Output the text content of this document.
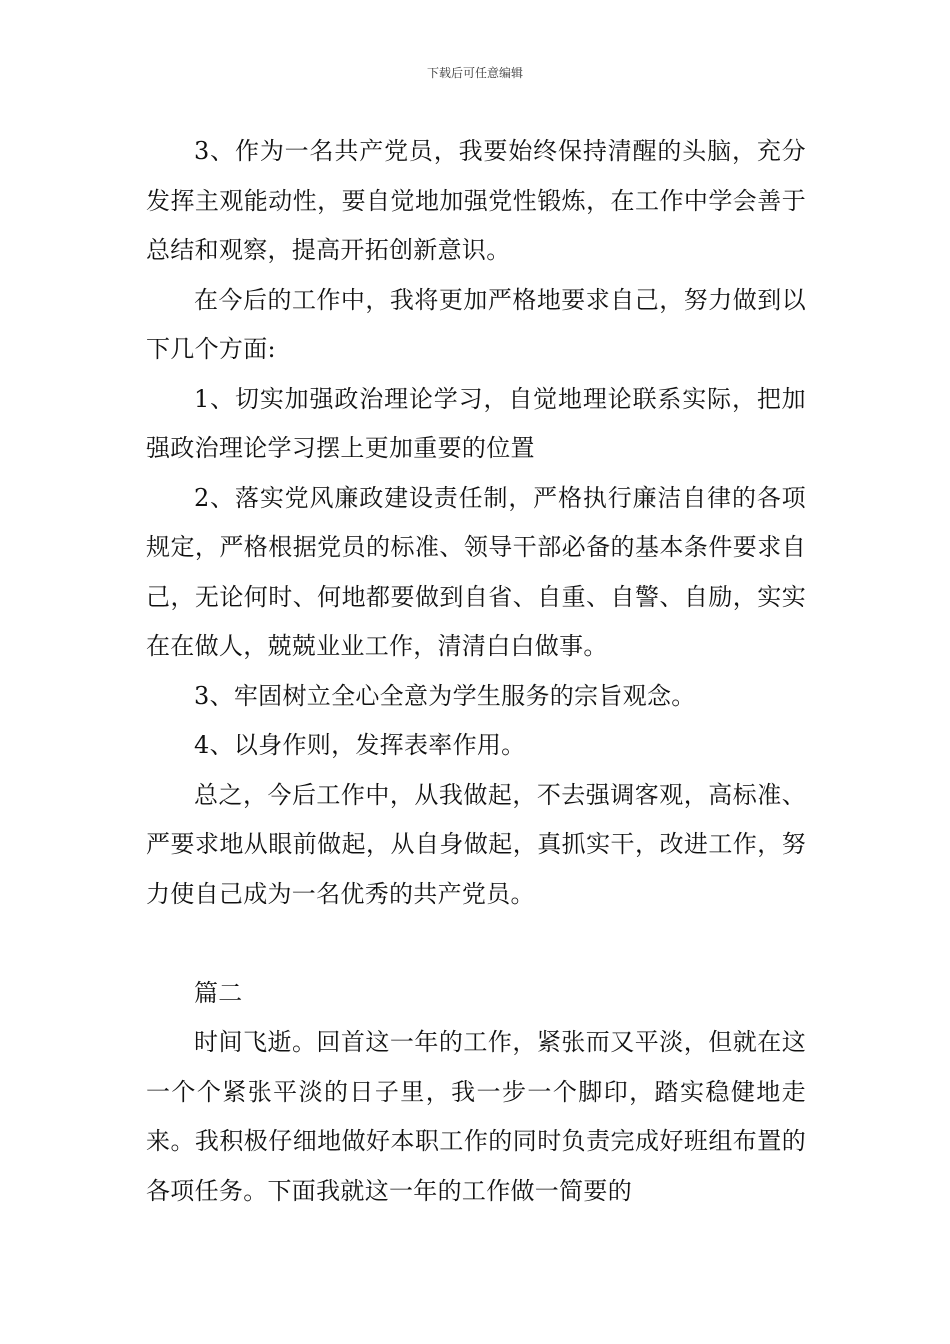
下载后可任意编辑

3、作为一名共产党员，我要始终保持清醒的头脑，充分发挥主观能动性，要自觉地加强党性锻炼，在工作中学会善于总结和观察，提高开拓创新意识。

在今后的工作中，我将更加严格地要求自己，努力做到以下几个方面:

1、切实加强政治理论学习，自觉地理论联系实际，把加强政治理论学习摆上更加重要的位置

2、落实党风廉政建设责任制，严格执行廉洁自律的各项规定，严格根据党员的标准、领导干部必备的基本条件要求自己，无论何时、何地都要做到自省、自重、自警、自励，实实在在做人，兢兢业业工作，清清白白做事。

3、牢固树立全心全意为学生服务的宗旨观念。

4、以身作则，发挥表率作用。

总之，今后工作中，从我做起，不去强调客观，高标准、严要求地从眼前做起，从自身做起，真抓实干，改进工作，努力使自己成为一名优秀的共产党员。

篇二

时间飞逝。回首这一年的工作，紧张而又平淡，但就在这一个个紧张平淡的日子里，我一步一个脚印，踏实稳健地走来。我积极仔细地做好本职工作的同时负责完成好班组布置的各项任务。下面我就这一年的工作做一简要的
